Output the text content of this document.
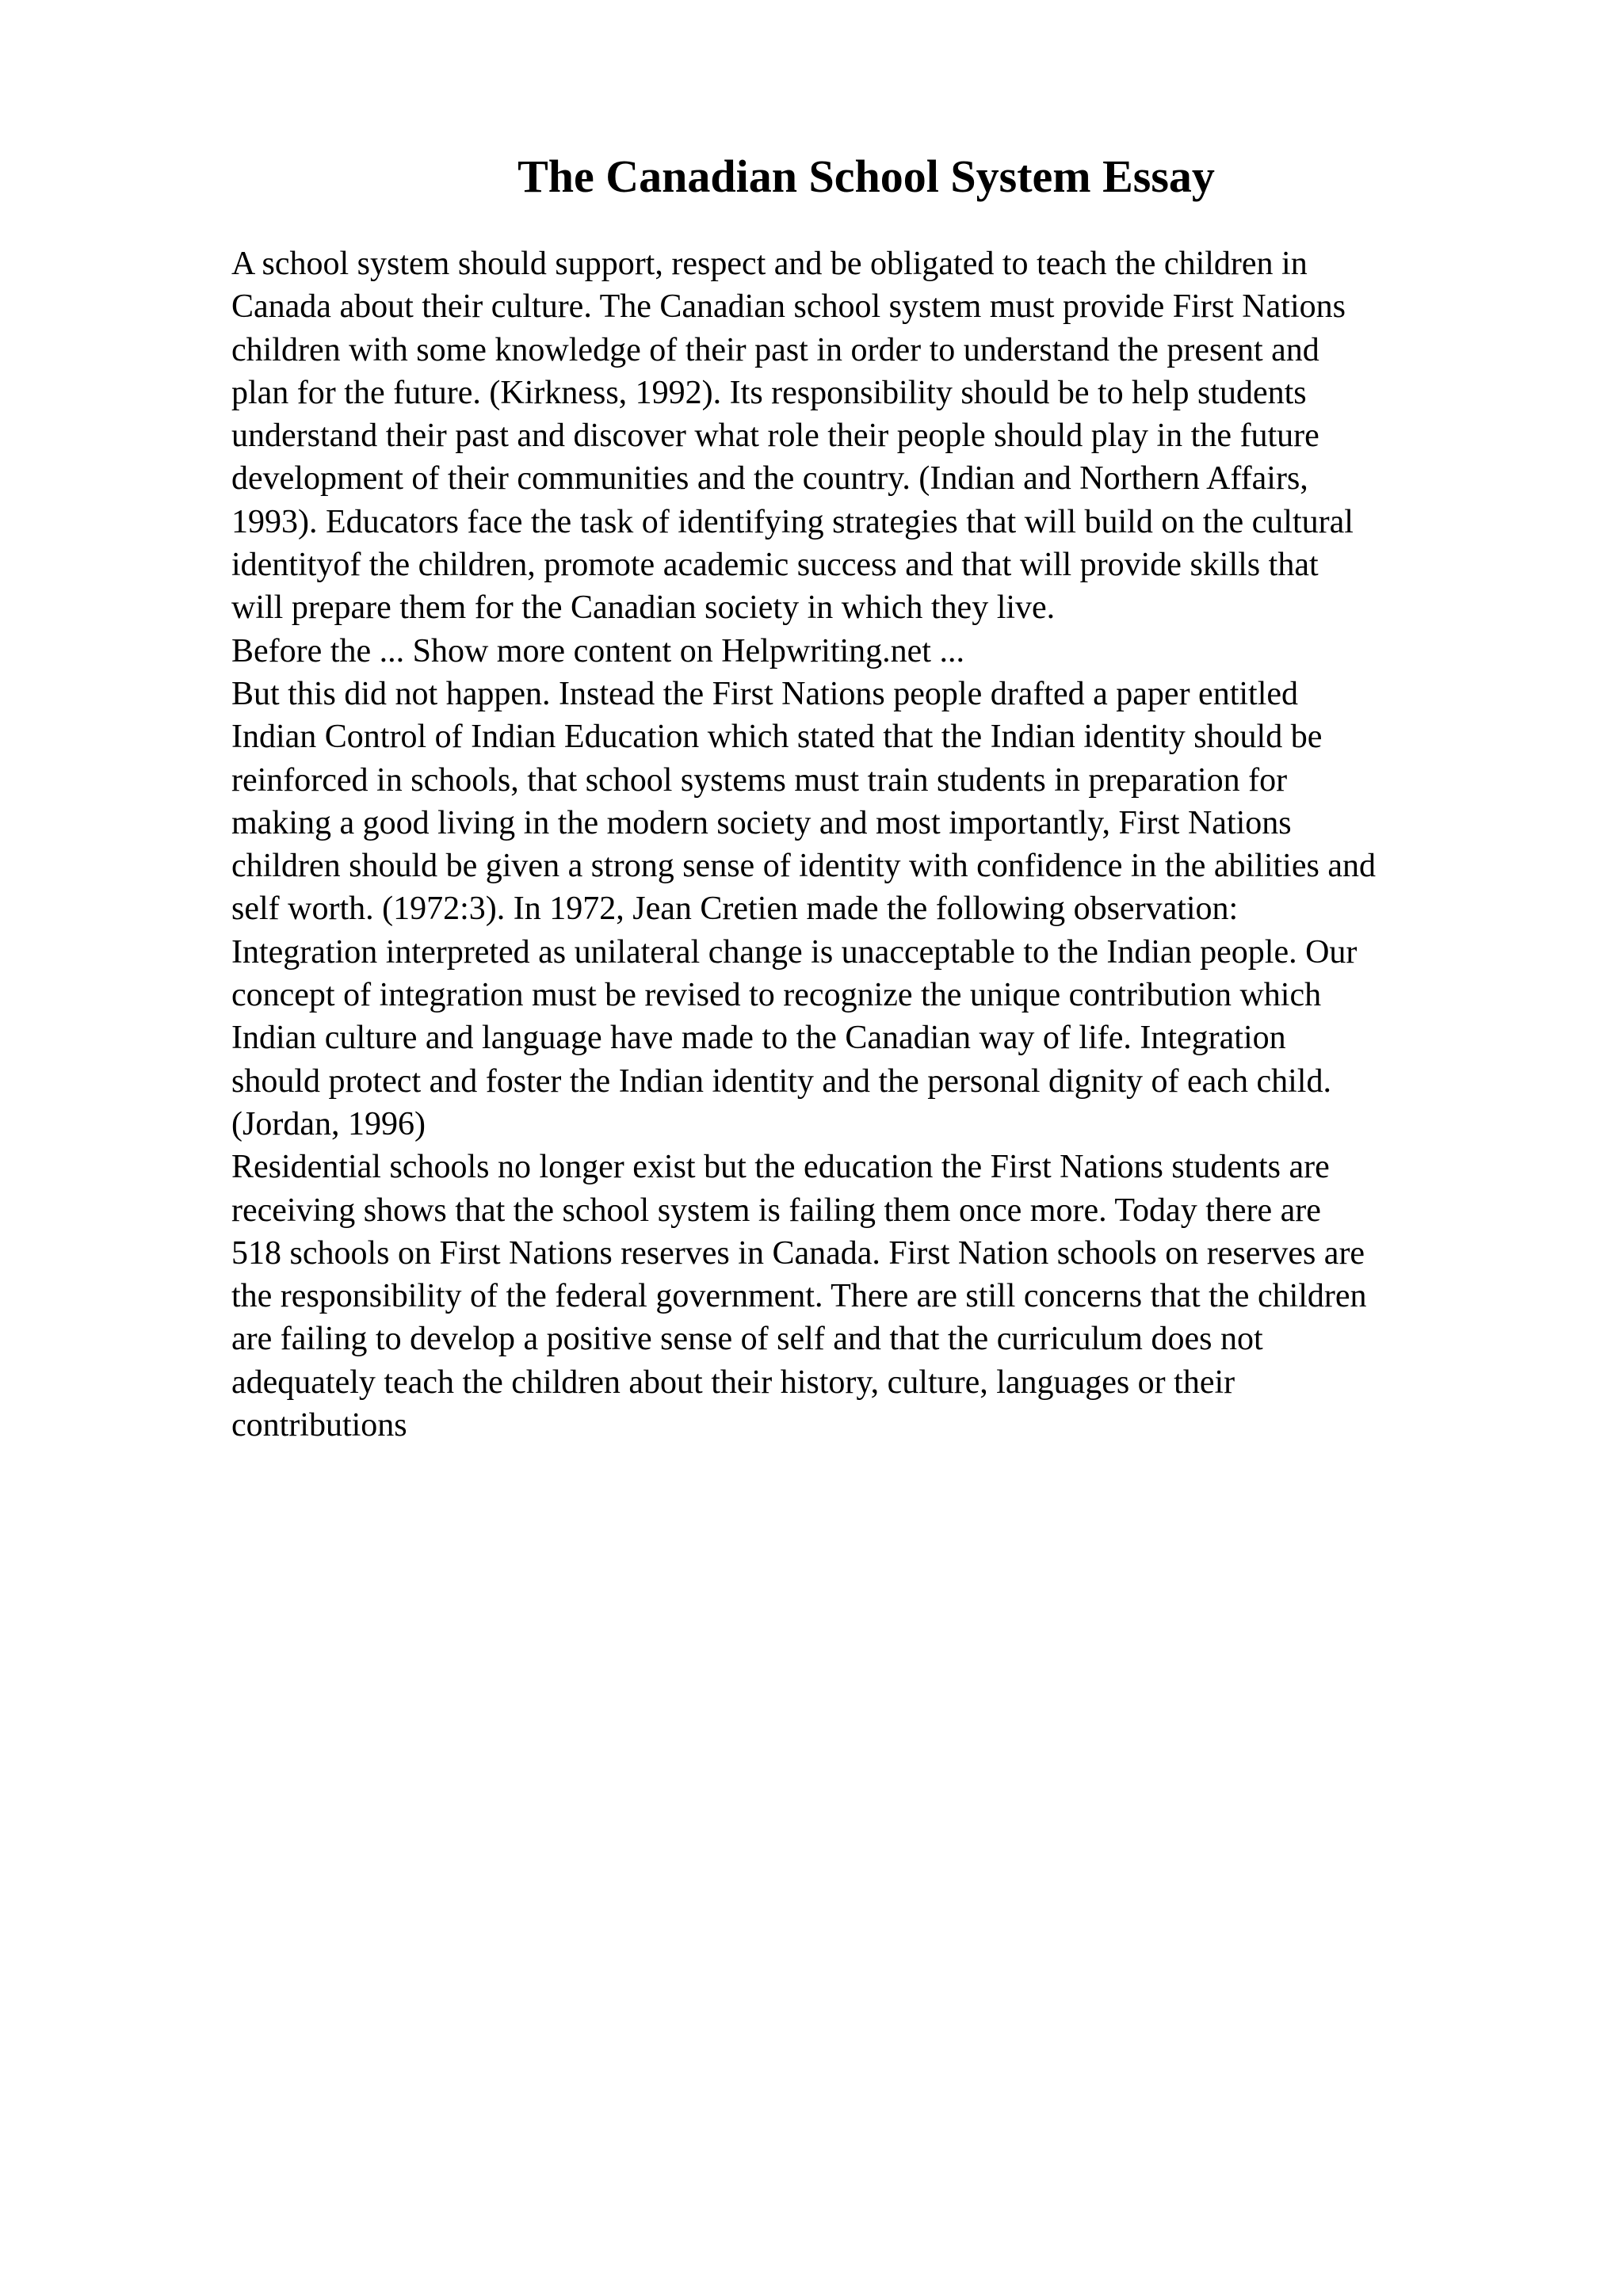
The Canadian School System Essay
A school system should support, respect and be obligated to teach the children in
Canada about their culture. The Canadian school system must provide First Nations
children with some knowledge of their past in order to understand the present and
plan for the future. (Kirkness, 1992). Its responsibility should be to help students
understand their past and discover what role their people should play in the future
development of their communities and the country. (Indian and Northern Affairs,
1993). Educators face the task of identifying strategies that will build on the cultural
identityof the children, promote academic success and that will provide skills that
will prepare them for the Canadian society in which they live.
Before the ... Show more content on Helpwriting.net ...
But this did not happen. Instead the First Nations people drafted a paper entitled
Indian Control of Indian Education which stated that the Indian identity should be
reinforced in schools, that school systems must train students in preparation for
making a good living in the modern society and most importantly, First Nations
children should be given a strong sense of identity with confidence in the abilities and
self worth. (1972:3). In 1972, Jean Cretien made the following observation:
Integration interpreted as unilateral change is unacceptable to the Indian people. Our
concept of integration must be revised to recognize the unique contribution which
Indian culture and language have made to the Canadian way of life. Integration
should protect and foster the Indian identity and the personal dignity of each child.
(Jordan, 1996)
Residential schools no longer exist but the education the First Nations students are
receiving shows that the school system is failing them once more. Today there are
518 schools on First Nations reserves in Canada. First Nation schools on reserves are
the responsibility of the federal government. There are still concerns that the children
are failing to develop a positive sense of self and that the curriculum does not
adequately teach the children about their history, culture, languages or their
contributions
